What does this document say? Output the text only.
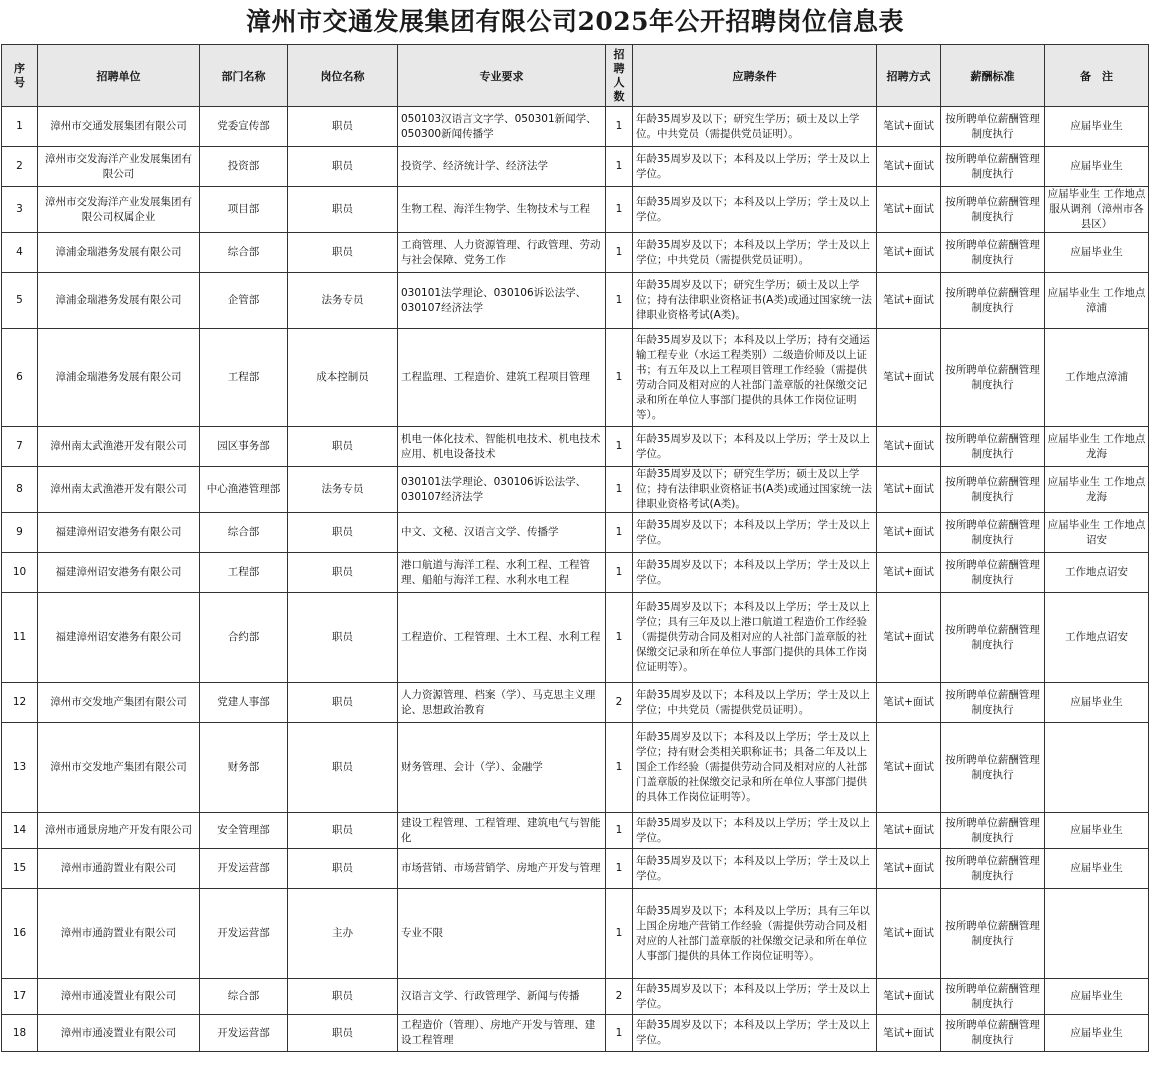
漳州市交通发展集团有限公司2025年公开招聘岗位信息表
序号	招聘单位	部门名称	岗位名称	专业要求	招聘人数	应聘条件	招聘方式	薪酬标准	备　注
1	漳州市交通发展集团有限公司	党委宣传部	职员	050103汉语言文字学、050301新闻学、050300新闻传播学	1	年龄35周岁及以下；研究生学历；硕士及以上学位。中共党员（需提供党员证明）。	笔试+面试	按所聘单位薪酬管理制度执行	应届毕业生
2	漳州市交发海洋产业发展集团有限公司	投资部	职员	投资学、经济统计学、经济法学	1	年龄35周岁及以下；本科及以上学历；学士及以上学位。	笔试+面试	按所聘单位薪酬管理制度执行	应届毕业生
3	漳州市交发海洋产业发展集团有限公司权属企业	项目部	职员	生物工程、海洋生物学、生物技术与工程	1	年龄35周岁及以下；本科及以上学历；学士及以上学位。	笔试+面试	按所聘单位薪酬管理制度执行	应届毕业生 工作地点服从调剂（漳州市各县区）
4	漳浦金瑞港务发展有限公司	综合部	职员	工商管理、人力资源管理、行政管理、劳动与社会保障、党务工作	1	年龄35周岁及以下；本科及以上学历；学士及以上学位；中共党员（需提供党员证明）。	笔试+面试	按所聘单位薪酬管理制度执行	应届毕业生
5	漳浦金瑞港务发展有限公司	企管部	法务专员	030101法学理论、030106诉讼法学、030107经济法学	1	年龄35周岁及以下；研究生学历；硕士及以上学位；持有法律职业资格证书(A类)或通过国家统一法律职业资格考试(A类)。	笔试+面试	按所聘单位薪酬管理制度执行	应届毕业生 工作地点漳浦
6	漳浦金瑞港务发展有限公司	工程部	成本控制员	工程监理、工程造价、建筑工程项目管理	1	年龄35周岁及以下；本科及以上学历；持有交通运输工程专业（水运工程类别）二级造价师及以上证书；有五年及以上工程项目管理工作经验（需提供劳动合同及相对应的人社部门盖章版的社保缴交记录和所在单位人事部门提供的具体工作岗位证明等）。	笔试+面试	按所聘单位薪酬管理制度执行	工作地点漳浦
7	漳州南太武渔港开发有限公司	园区事务部	职员	机电一体化技术、智能机电技术、机电技术应用、机电设备技术	1	年龄35周岁及以下；本科及以上学历；学士及以上学位。	笔试+面试	按所聘单位薪酬管理制度执行	应届毕业生 工作地点龙海
8	漳州南太武渔港开发有限公司	中心渔港管理部	法务专员	030101法学理论、030106诉讼法学、030107经济法学	1	年龄35周岁及以下；研究生学历；硕士及以上学位；持有法律职业资格证书(A类)或通过国家统一法律职业资格考试(A类)。	笔试+面试	按所聘单位薪酬管理制度执行	应届毕业生 工作地点龙海
9	福建漳州诏安港务有限公司	综合部	职员	中文、文秘、汉语言文学、传播学	1	年龄35周岁及以下；本科及以上学历；学士及以上学位。	笔试+面试	按所聘单位薪酬管理制度执行	应届毕业生 工作地点诏安
10	福建漳州诏安港务有限公司	工程部	职员	港口航道与海洋工程、水利工程、工程管理、船舶与海洋工程、水利水电工程	1	年龄35周岁及以下；本科及以上学历；学士及以上学位。	笔试+面试	按所聘单位薪酬管理制度执行	工作地点诏安
11	福建漳州诏安港务有限公司	合约部	职员	工程造价、工程管理、土木工程、水利工程	1	年龄35周岁及以下；本科及以上学历；学士及以上学位；具有三年及以上港口航道工程造价工作经验（需提供劳动合同及相对应的人社部门盖章版的社保缴交记录和所在单位人事部门提供的具体工作岗位证明等）。	笔试+面试	按所聘单位薪酬管理制度执行	工作地点诏安
12	漳州市交发地产集团有限公司	党建人事部	职员	人力资源管理、档案（学）、马克思主义理论、思想政治教育	2	年龄35周岁及以下；本科及以上学历；学士及以上学位；中共党员（需提供党员证明）。	笔试+面试	按所聘单位薪酬管理制度执行	应届毕业生
13	漳州市交发地产集团有限公司	财务部	职员	财务管理、会计（学）、金融学	1	年龄35周岁及以下；本科及以上学历；学士及以上学位；持有财会类相关职称证书；具备二年及以上国企工作经验（需提供劳动合同及相对应的人社部门盖章版的社保缴交记录和所在单位人事部门提供的具体工作岗位证明等）。	笔试+面试	按所聘单位薪酬管理制度执行	
14	漳州市通景房地产开发有限公司	安全管理部	职员	建设工程管理、工程管理、建筑电气与智能化	1	年龄35周岁及以下；本科及以上学历；学士及以上学位。	笔试+面试	按所聘单位薪酬管理制度执行	应届毕业生
15	漳州市通韵置业有限公司	开发运营部	职员	市场营销、市场营销学、房地产开发与管理	1	年龄35周岁及以下；本科及以上学历；学士及以上学位。	笔试+面试	按所聘单位薪酬管理制度执行	应届毕业生
16	漳州市通韵置业有限公司	开发运营部	主办	专业不限	1	年龄35周岁及以下；本科及以上学历；具有三年以上国企房地产营销工作经验（需提供劳动合同及相对应的人社部门盖章版的社保缴交记录和所在单位人事部门提供的具体工作岗位证明等）。	笔试+面试	按所聘单位薪酬管理制度执行	
17	漳州市通凌置业有限公司	综合部	职员	汉语言文学、行政管理学、新闻与传播	2	年龄35周岁及以下；本科及以上学历；学士及以上学位。	笔试+面试	按所聘单位薪酬管理制度执行	应届毕业生
18	漳州市通凌置业有限公司	开发运营部	职员	工程造价（管理）、房地产开发与管理、建设工程管理	1	年龄35周岁及以下；本科及以上学历；学士及以上学位。	笔试+面试	按所聘单位薪酬管理制度执行	应届毕业生
